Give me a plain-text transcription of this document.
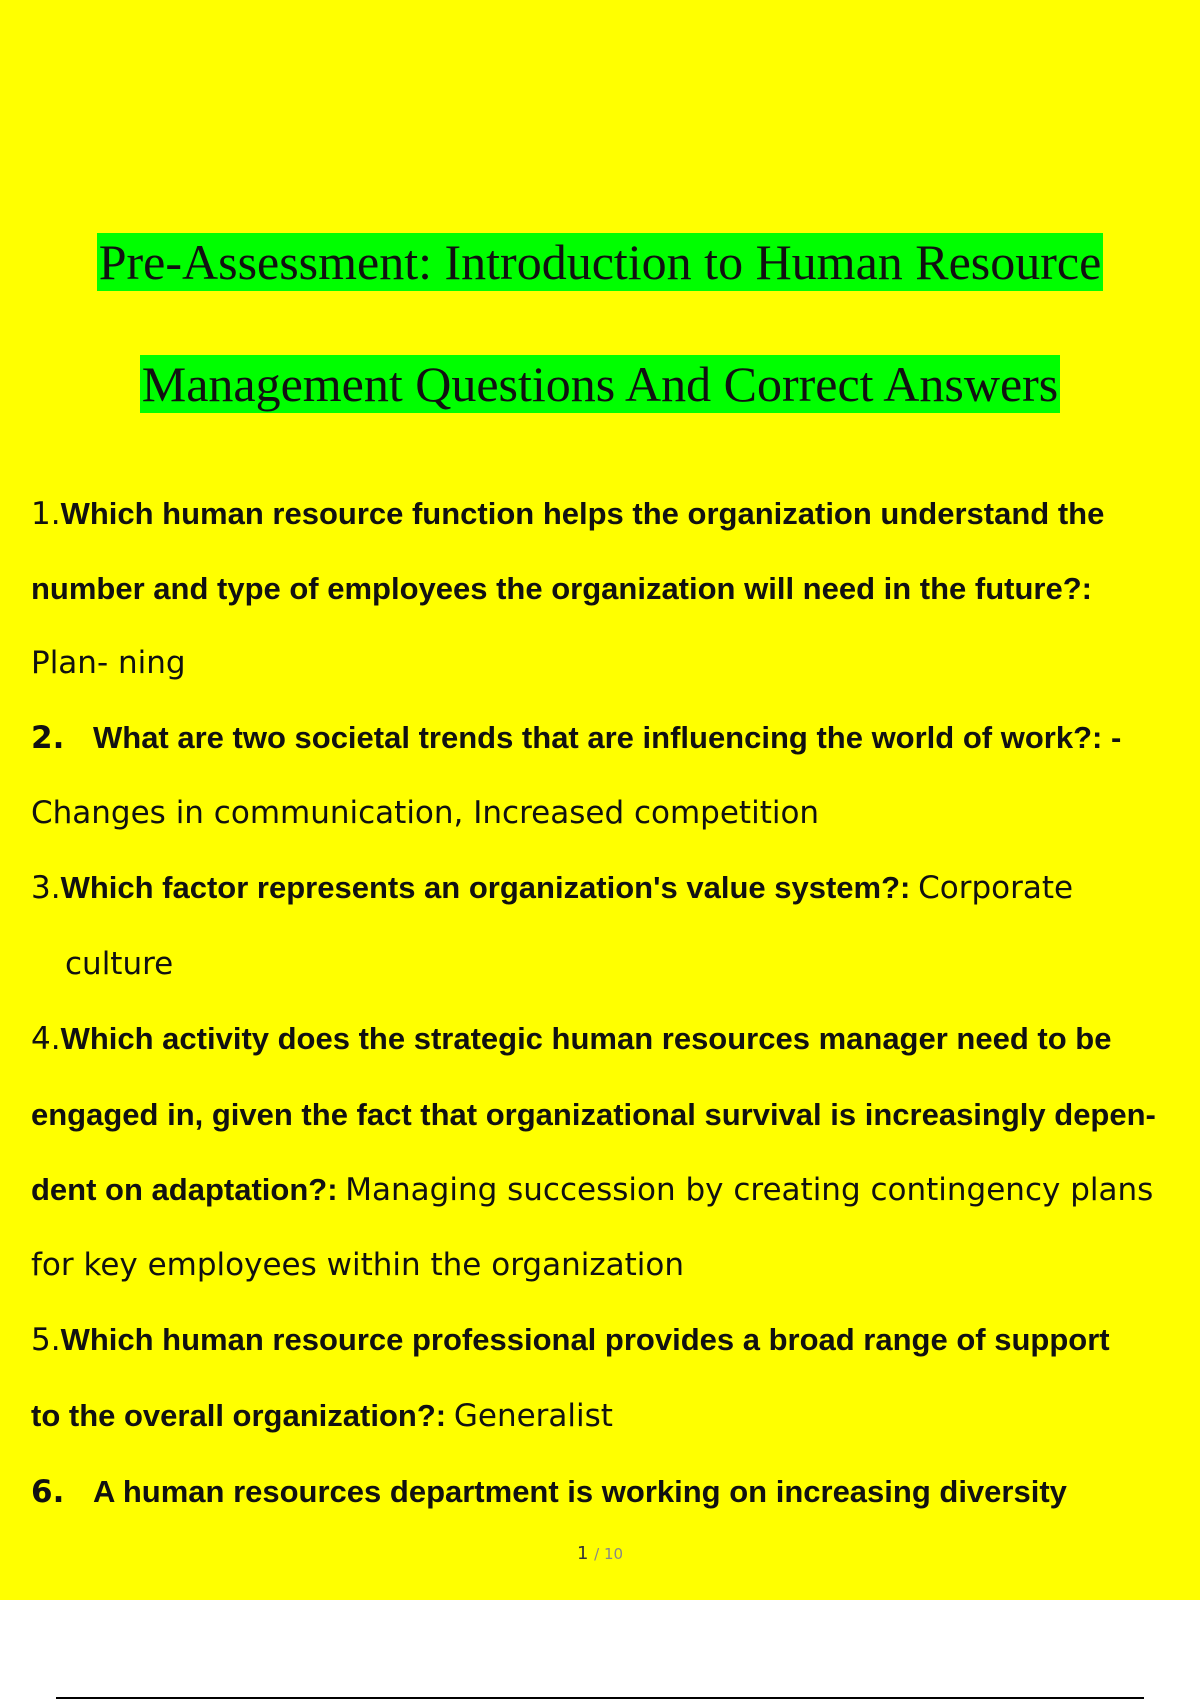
Pre-Assessment: Introduction to Human Resource
Management Questions And Correct Answers
1.Which human resource function helps the organization understand the
number and type of employees the organization will need in the future?:
Plan- ning
2. What are two societal trends that are influencing the world of work?: -
Changes in communication, Increased competition
3.Which factor represents an organization's value system?: Corporate
culture
4.Which activity does the strategic human resources manager need to be
engaged in, given the fact that organizational survival is increasingly depen-
dent on adaptation?: Managing succession by creating contingency plans
for key employees within the organization
5.Which human resource professional provides a broad range of support
to the overall organization?: Generalist
6. A human resources department is working on increasing diversity
1 / 10
